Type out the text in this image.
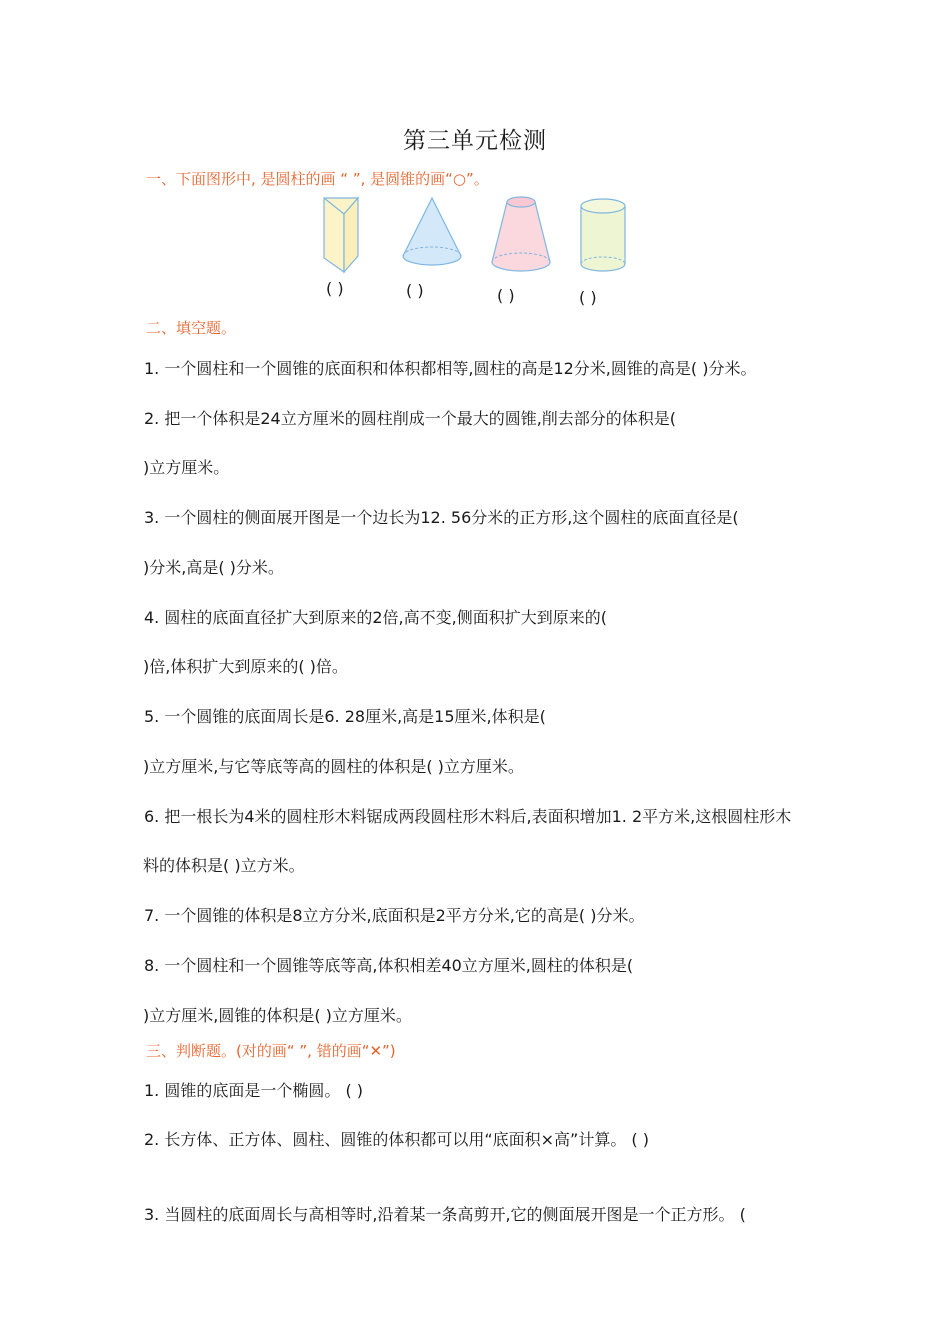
第三单元检测
一、下面图形中, 是圆柱的画 “ ”, 是圆锥的画“○”。
( )	( )	( )	( )
二、填空题。
1. 一个圆柱和一个圆锥的底面积和体积都相等,圆柱的高是12分米,圆锥的高是( )分米。
2. 把一个体积是24立方厘米的圆柱削成一个最大的圆锥,削去部分的体积是(
)立方厘米。
3. 一个圆柱的侧面展开图是一个边长为12. 56分米的正方形,这个圆柱的底面直径是(
)分米,高是( )分米。
4. 圆柱的底面直径扩大到原来的2倍,高不变,侧面积扩大到原来的(
)倍,体积扩大到原来的( )倍。
5. 一个圆锥的底面周长是6. 28厘米,高是15厘米,体积是(
)立方厘米,与它等底等高的圆柱的体积是( )立方厘米。
6. 把一根长为4米的圆柱形木料锯成两段圆柱形木料后,表面积增加1. 2平方米,这根圆柱形木
料的体积是( )立方米。
7. 一个圆锥的体积是8立方分米,底面积是2平方分米,它的高是( )分米。
8. 一个圆柱和一个圆锥等底等高,体积相差40立方厘米,圆柱的体积是(
)立方厘米,圆锥的体积是( )立方厘米。
三、判断题。(对的画“ ”, 错的画“✕”)
1. 圆锥的底面是一个椭圆。 ( )
2. 长方体、正方体、圆柱、圆锥的体积都可以用“底面积×高”计算。 ( )
3. 当圆柱的底面周长与高相等时,沿着某一条高剪开,它的侧面展开图是一个正方形。 (
